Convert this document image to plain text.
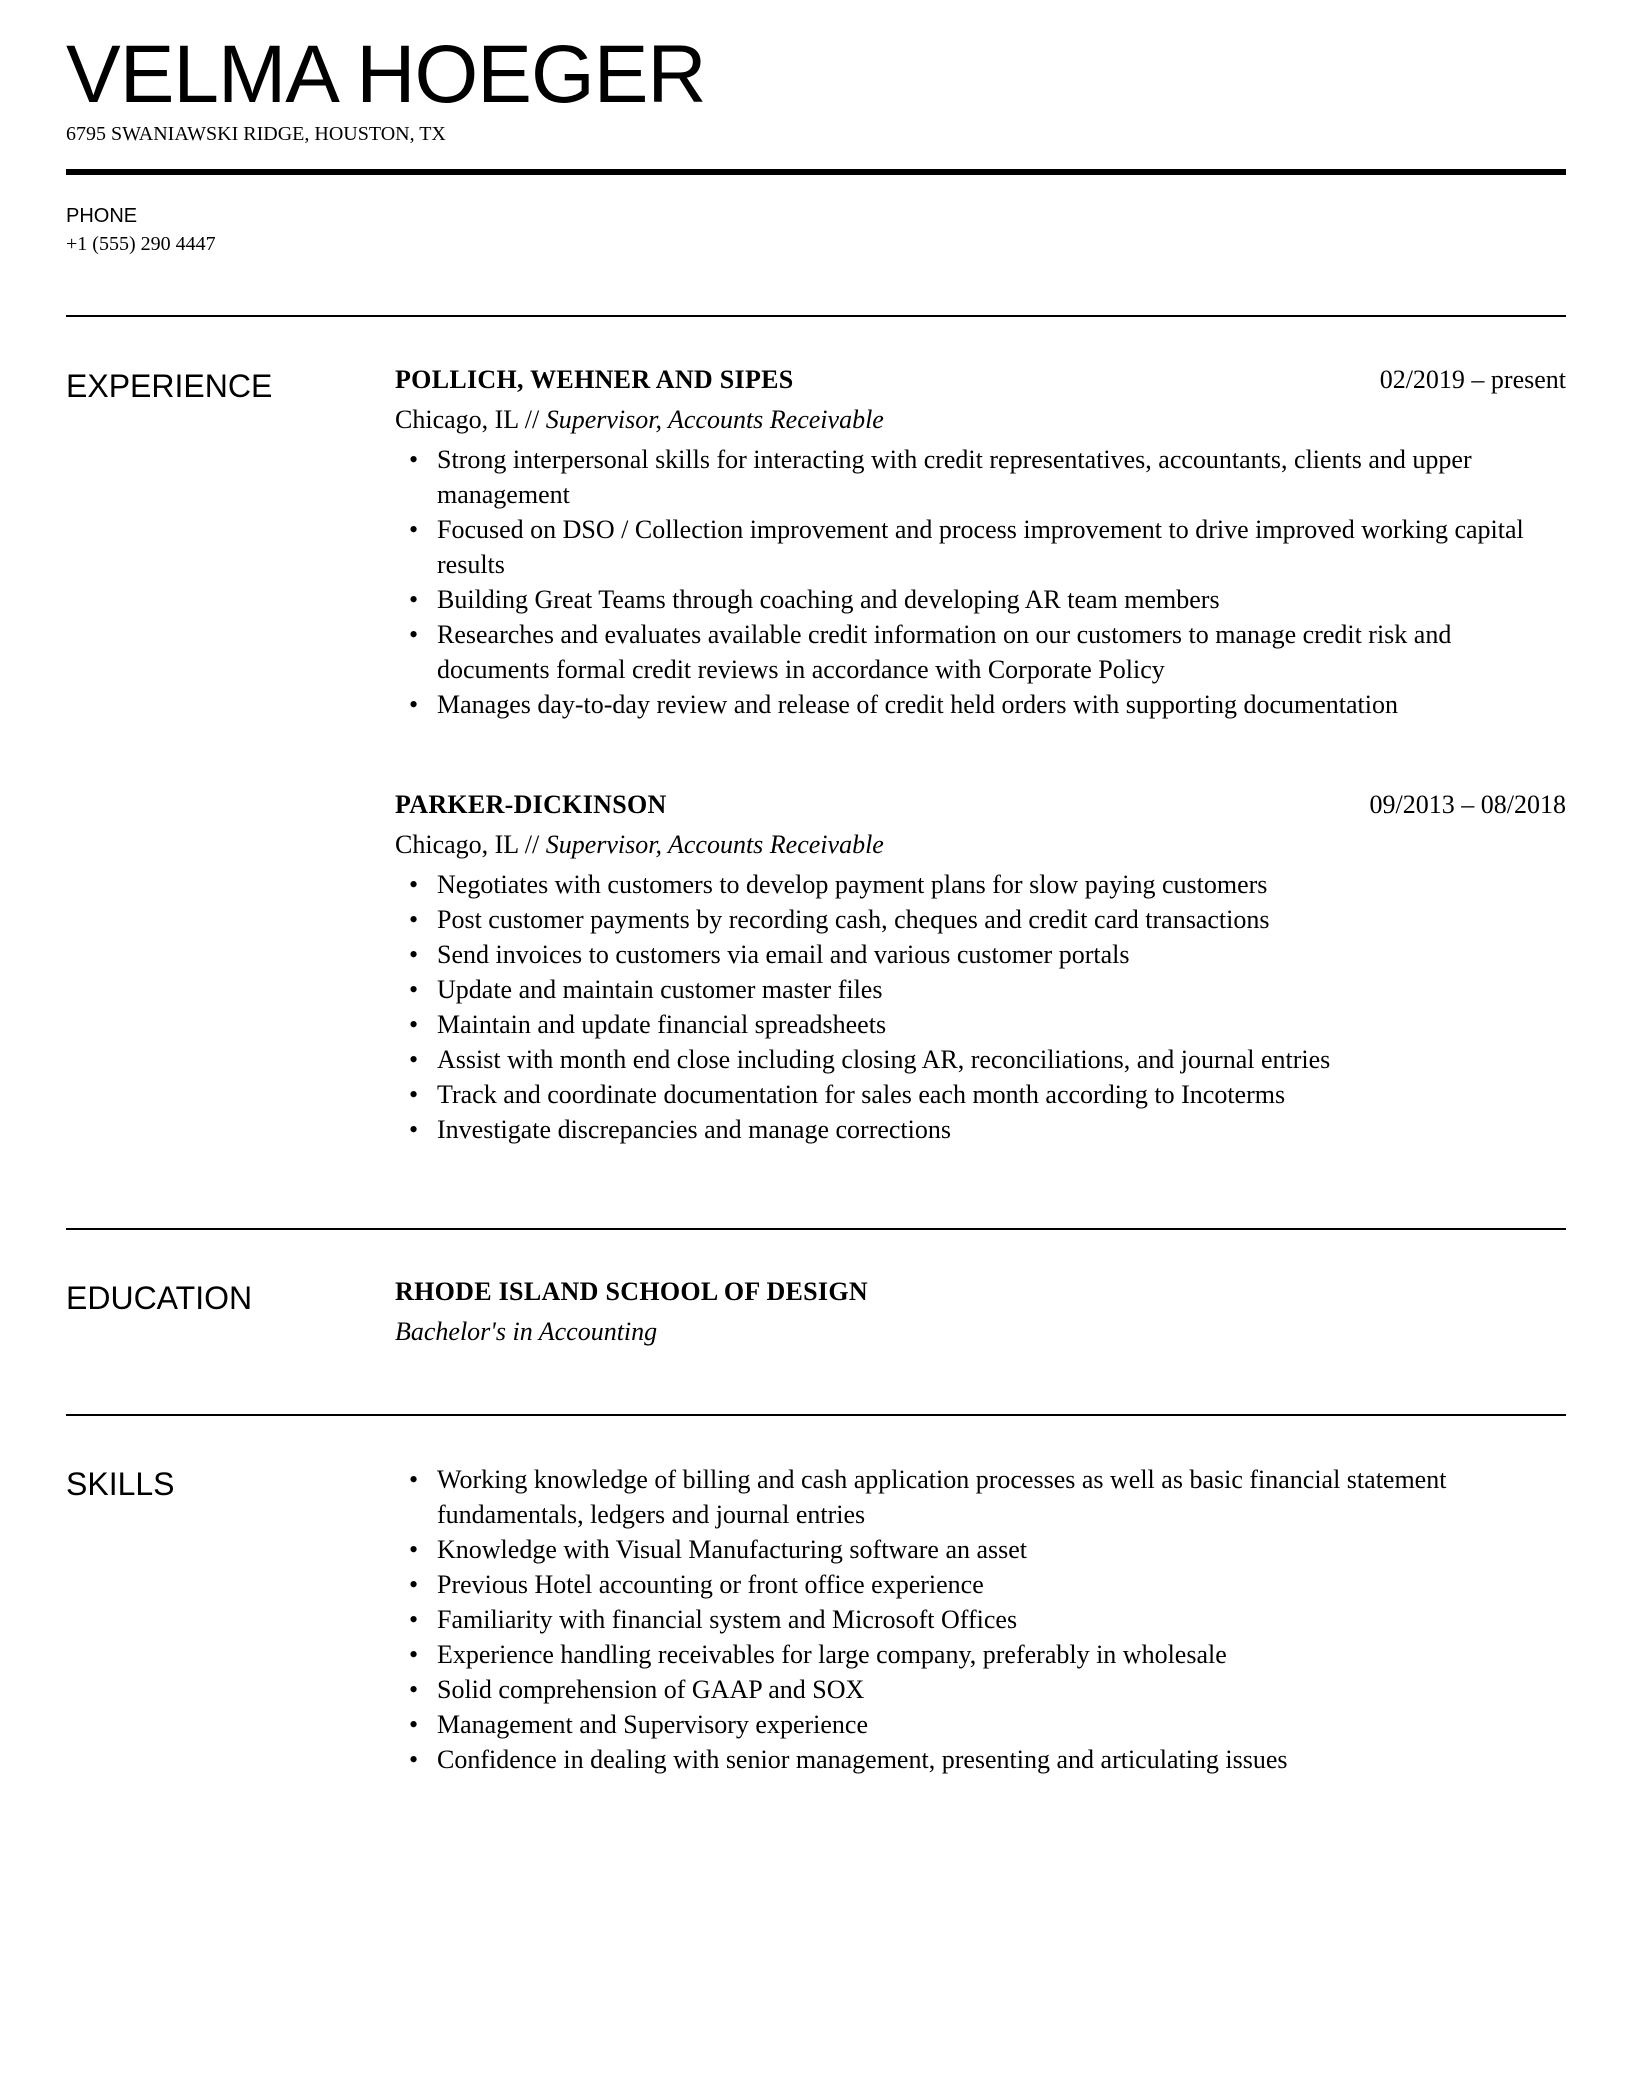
VELMA HOEGER
6795 SWANIAWSKI RIDGE, HOUSTON, TX
PHONE
+1 (555) 290 4447
EXPERIENCE	POLLICH, WEHNER AND SIPES	02/2019 – present
Chicago, IL // Supervisor, Accounts Receivable
• Strong interpersonal skills for interacting with credit representatives, accountants, clients and upper management
• Focused on DSO / Collection improvement and process improvement to drive improved working capital results
• Building Great Teams through coaching and developing AR team members
• Researches and evaluates available credit information on our customers to manage credit risk and documents formal credit reviews in accordance with Corporate Policy
• Manages day-to-day review and release of credit held orders with supporting documentation
PARKER-DICKINSON	09/2013 – 08/2018
Chicago, IL // Supervisor, Accounts Receivable
• Negotiates with customers to develop payment plans for slow paying customers
• Post customer payments by recording cash, cheques and credit card transactions
• Send invoices to customers via email and various customer portals
• Update and maintain customer master files
• Maintain and update financial spreadsheets
• Assist with month end close including closing AR, reconciliations, and journal entries
• Track and coordinate documentation for sales each month according to Incoterms
• Investigate discrepancies and manage corrections
EDUCATION	RHODE ISLAND SCHOOL OF DESIGN
Bachelor's in Accounting
SKILLS
•	Working knowledge of billing and cash application processes as well as basic financial statement fundamentals, ledgers and journal entries
• Knowledge with Visual Manufacturing software an asset
• Previous Hotel accounting or front office experience
• Familiarity with financial system and Microsoft Offices
• Experience handling receivables for large company, preferably in wholesale
• Solid comprehension of GAAP and SOX
• Management and Supervisory experience
• Confidence in dealing with senior management, presenting and articulating issues
